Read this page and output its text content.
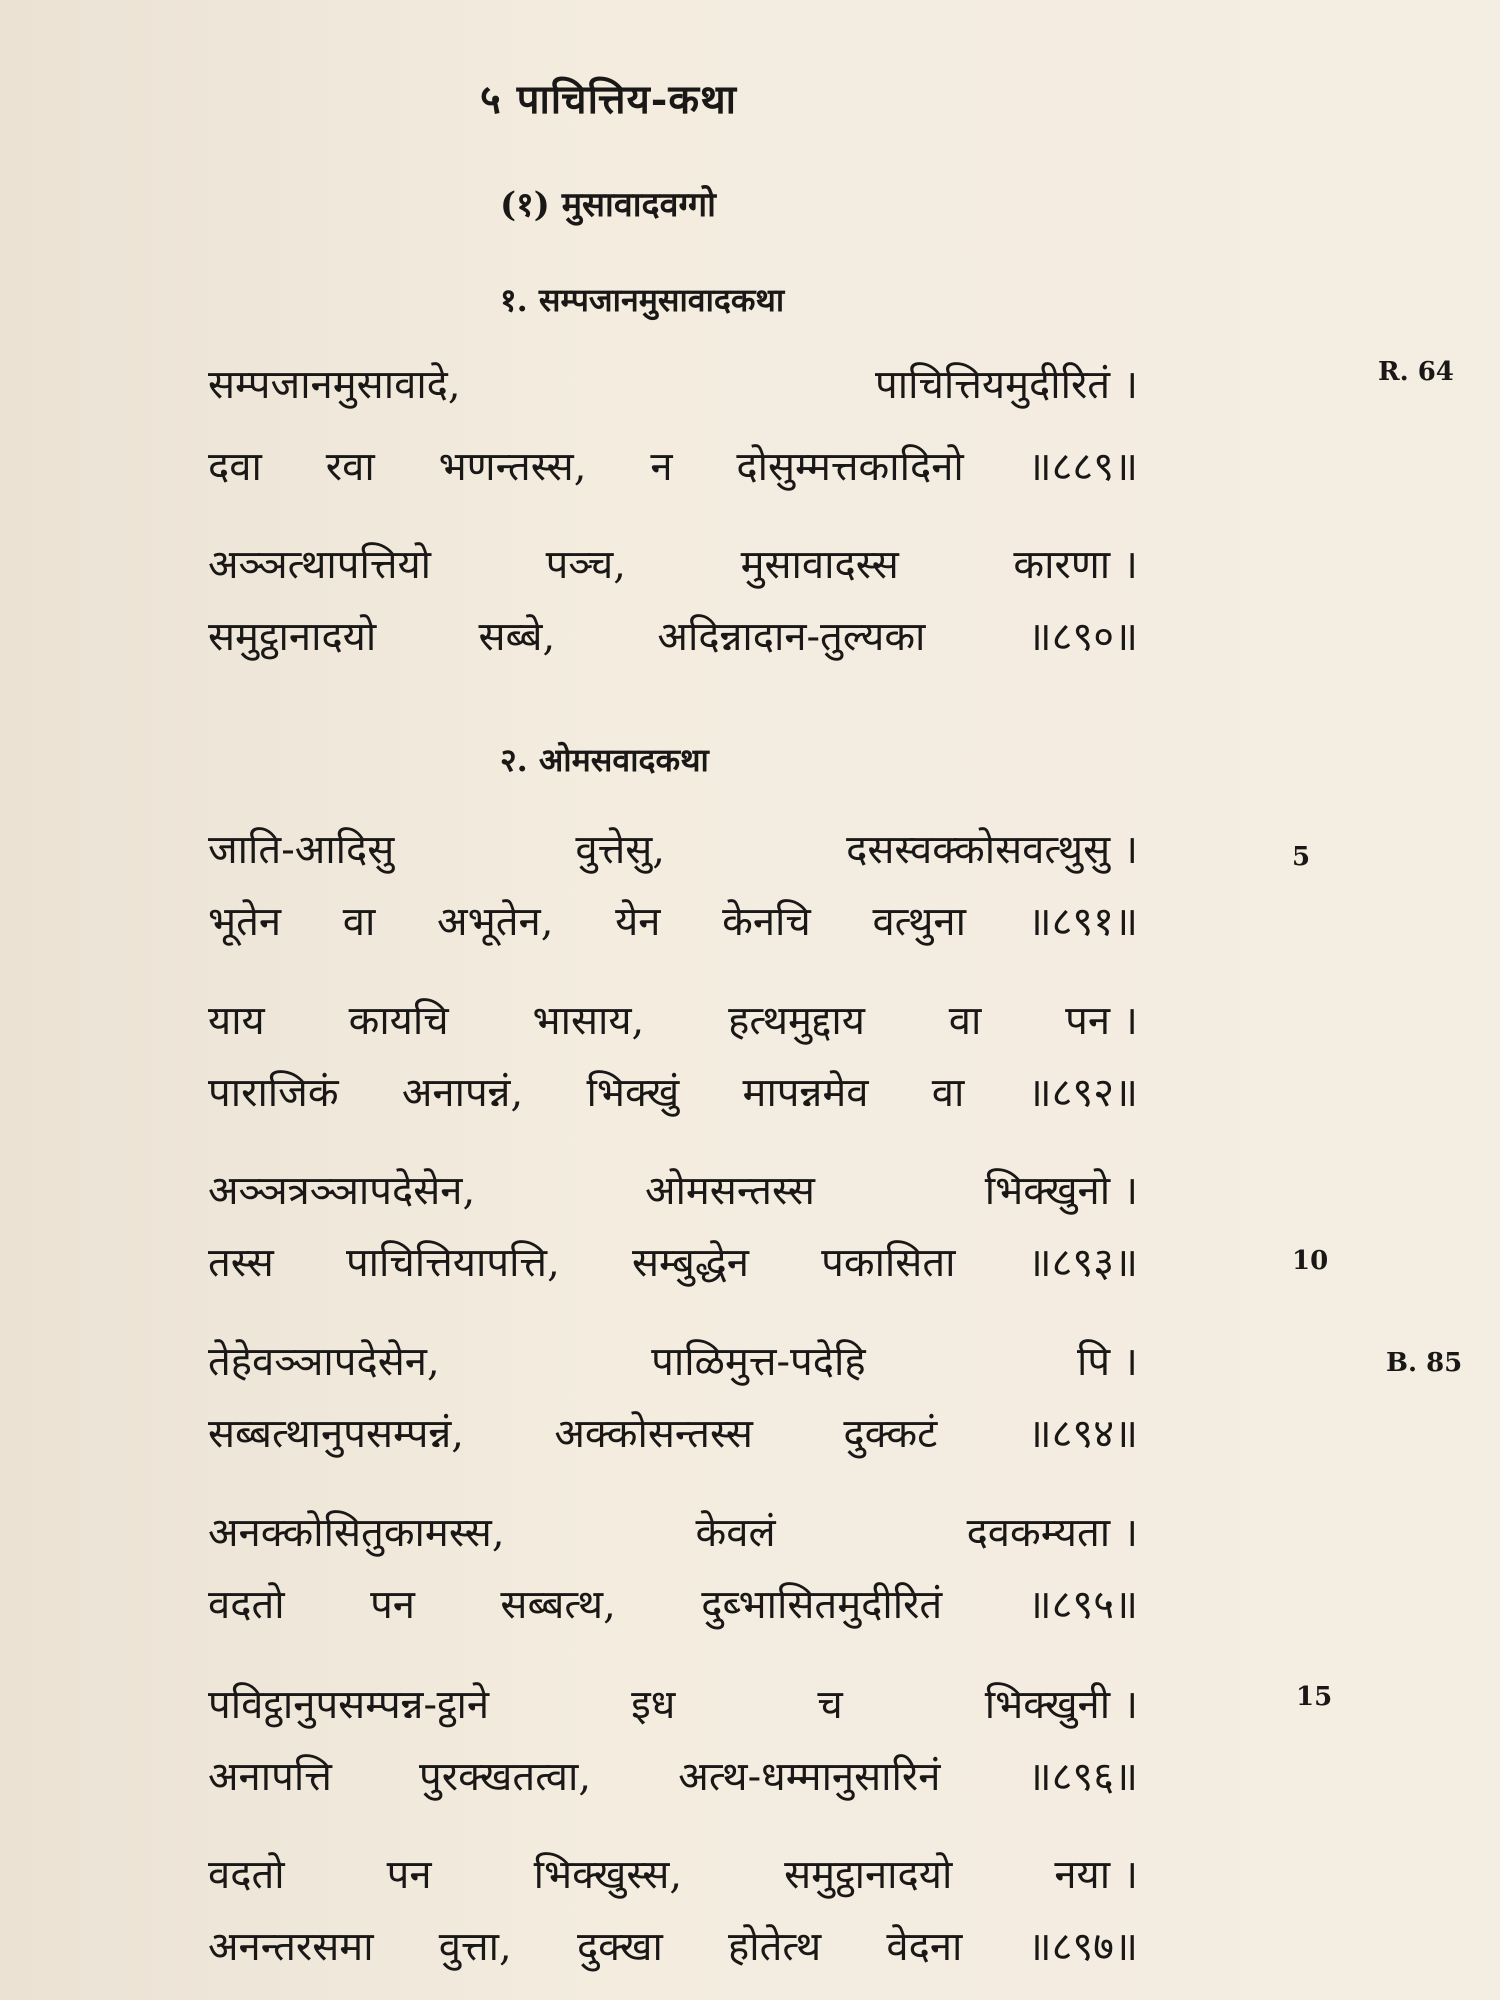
५ पाचित्तिय-कथा
(१) मुसावादवग्गो
१. सम्पजानमुसावादकथा
सम्पजानमुसावादे,	पाचित्तियमुदीरितं ।
दवा रवा भणन्तस्स, न दोसुम्मत्तकादिनो ॥८८९॥
अञ्ञत्थापत्तियो	पञ्च,	मुसावादस्स	कारणा ।
समुट्ठानादयो	सब्बे,	अदिन्नादान-तुल्यका	॥८९०॥
२. ओमसवादकथा
जाति-आदिसु	वुत्तेसु,	दसस्वक्कोसवत्थुसु ।
भूतेन वा अभूतेन, येन केनचि वत्थुना ॥८९१॥
याय कायचि भासाय, हत्थमुद्दाय वा पन ।
पाराजिकं अनापन्नं, भिक्खुं मापन्नमेव वा ॥८९२॥
अञ्ञत्रञ्ञापदेसेन,	ओमसन्तस्स	भिक्खुनो ।
तस्स पाचित्तियापत्ति, सम्बुद्धेन पकासिता ॥८९३॥
तेहेवञ्ञापदेसेन,	पाळिमुत्त-पदेहि	पि ।
सब्बत्थानुपसम्पन्नं, अक्कोसन्तस्स दुक्कटं ॥८९४॥
अनक्कोसितुकामस्स,	केवलं	दवकम्यता ।
वदतो पन सब्बत्थ, दुब्भासितमुदीरितं ॥८९५॥
पविट्ठानुपसम्पन्न-ट्ठाने	इध	च	भिक्खुनी ।
अनापत्ति पुरक्खतत्वा, अत्थ-धम्मानुसारिनं ॥८९६॥
वदतो	पन	भिक्खुस्स,	समुट्ठानादयो	नया ।
अनन्तरसमा वुत्ता, दुक्खा होतेत्थ वेदना ॥८९७॥
R. 64
5
10
B. 85
15
